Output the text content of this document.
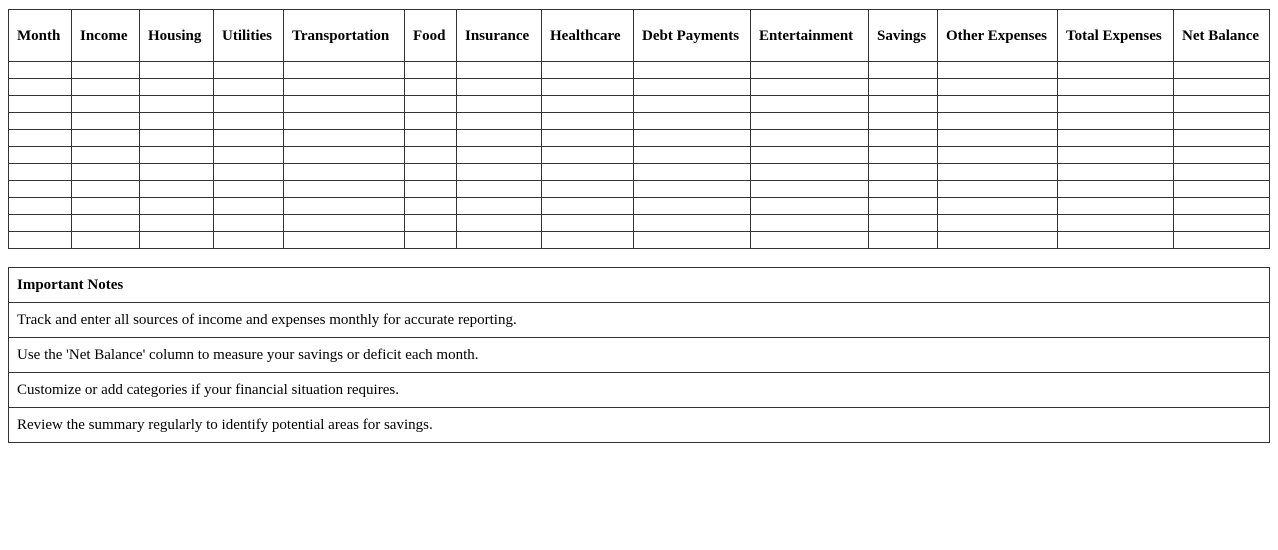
Month	Income	Housing	Utilities	Transportation	Food	Insurance	Healthcare	Debt Payments	Entertainment	Savings	Other Expenses	Total Expenses	Net Balance

Important Notes
Track and enter all sources of income and expenses monthly for accurate reporting.
Use the 'Net Balance' column to measure your savings or deficit each month.
Customize or add categories if your financial situation requires.
Review the summary regularly to identify potential areas for savings.
